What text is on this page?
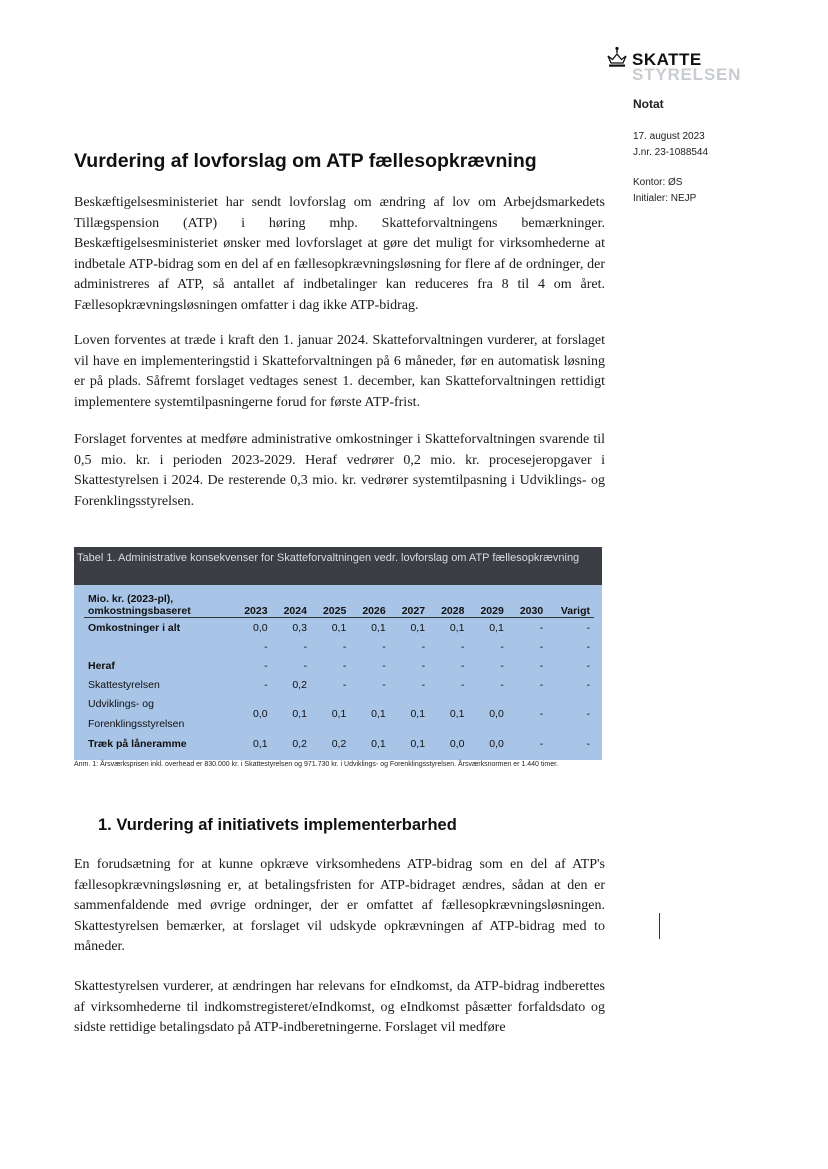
SKATTE
STYRELSEN
Notat
17. august 2023
J.nr. 23-1088544
Kontor: ØS
Initialer: NEJP
Vurdering af lovforslag om ATP fællesopkrævning

Beskæftigelsesministeriet har sendt lovforslag om ændring af lov om Arbejdsmarkedets Tillægspension (ATP) i høring mhp. Skatteforvaltningens bemærkninger. Beskæftigelsesministeriet ønsker med lovforslaget at gøre det muligt for virksomhederne at indbetale ATP-bidrag som en del af en fællesopkrævningsløsning for flere af de ordninger, der administreres af ATP, så antallet af indbetalinger kan reduceres fra 8 til 4 om året. Fællesopkrævningsløsningen omfatter i dag ikke ATP-bidrag.

Loven forventes at træde i kraft den 1. januar 2024. Skatteforvaltningen vurderer, at forslaget vil have en implementeringstid i Skatteforvaltningen på 6 måneder, før en automatisk løsning er på plads. Såfremt forslaget vedtages senest 1. december, kan Skatteforvaltningen rettidigt implementere systemtilpasningerne forud for første ATP-frist.

Forslaget forventes at medføre administrative omkostninger i Skatteforvaltningen svarende til 0,5 mio. kr. i perioden 2023-2029. Heraf vedrører 0,2 mio. kr. procesejeropgaver i Skattestyrelsen i 2024. De resterende 0,3 mio. kr. vedrører systemtilpasning i Udviklings- og Forenklingsstyrelsen.

Tabel 1. Administrative konsekvenser for Skatteforvaltningen vedr. lovforslag om ATP fællesopkrævning
Mio. kr. (2023-pl),
omkostningsbaseret	2023	2024	2025	2026	2027	2028	2029	2030	Varigt
Omkostninger i alt	0,0	0,3	0,1	0,1	0,1	0,1	0,1	-	-
	-	-	-	-	-	-	-	-	-
Heraf	-	-	-	-	-	-	-	-	-
Skattestyrelsen	-	0,2	-	-	-	-	-	-	-
Udviklings- og Forenklingsstyrelsen	0,0	0,1	0,1	0,1	0,1	0,1	0,0	-	-
Træk på låneramme	0,1	0,2	0,2	0,1	0,1	0,0	0,0	-	-
Anm. 1: Årsværksprisen inkl. overhead er 830.000 kr. i Skattestyrelsen og 971.730 kr. i Udviklings- og Forenklingsstyrelsen. Årsværksnormen er 1.440 timer.
1. Vurdering af initiativets implementerbarhed

En forudsætning for at kunne opkræve virksomhedens ATP-bidrag som en del af ATP's fællesopkrævningsløsning er, at betalingsfristen for ATP-bidraget ændres, sådan at den er sammenfaldende med øvrige ordninger, der er omfattet af fællesopkrævningsløsningen. Skattestyrelsen bemærker, at forslaget vil udskyde opkrævningen af ATP-bidrag med to måneder.

Skattestyrelsen vurderer, at ændringen har relevans for eIndkomst, da ATP-bidrag indberettes af virksomhederne til indkomstregisteret/eIndkomst, og eIndkomst påsætter forfaldsdato og sidste rettidige betalingsdato på ATP-indberetningerne. Forslaget vil medføre
